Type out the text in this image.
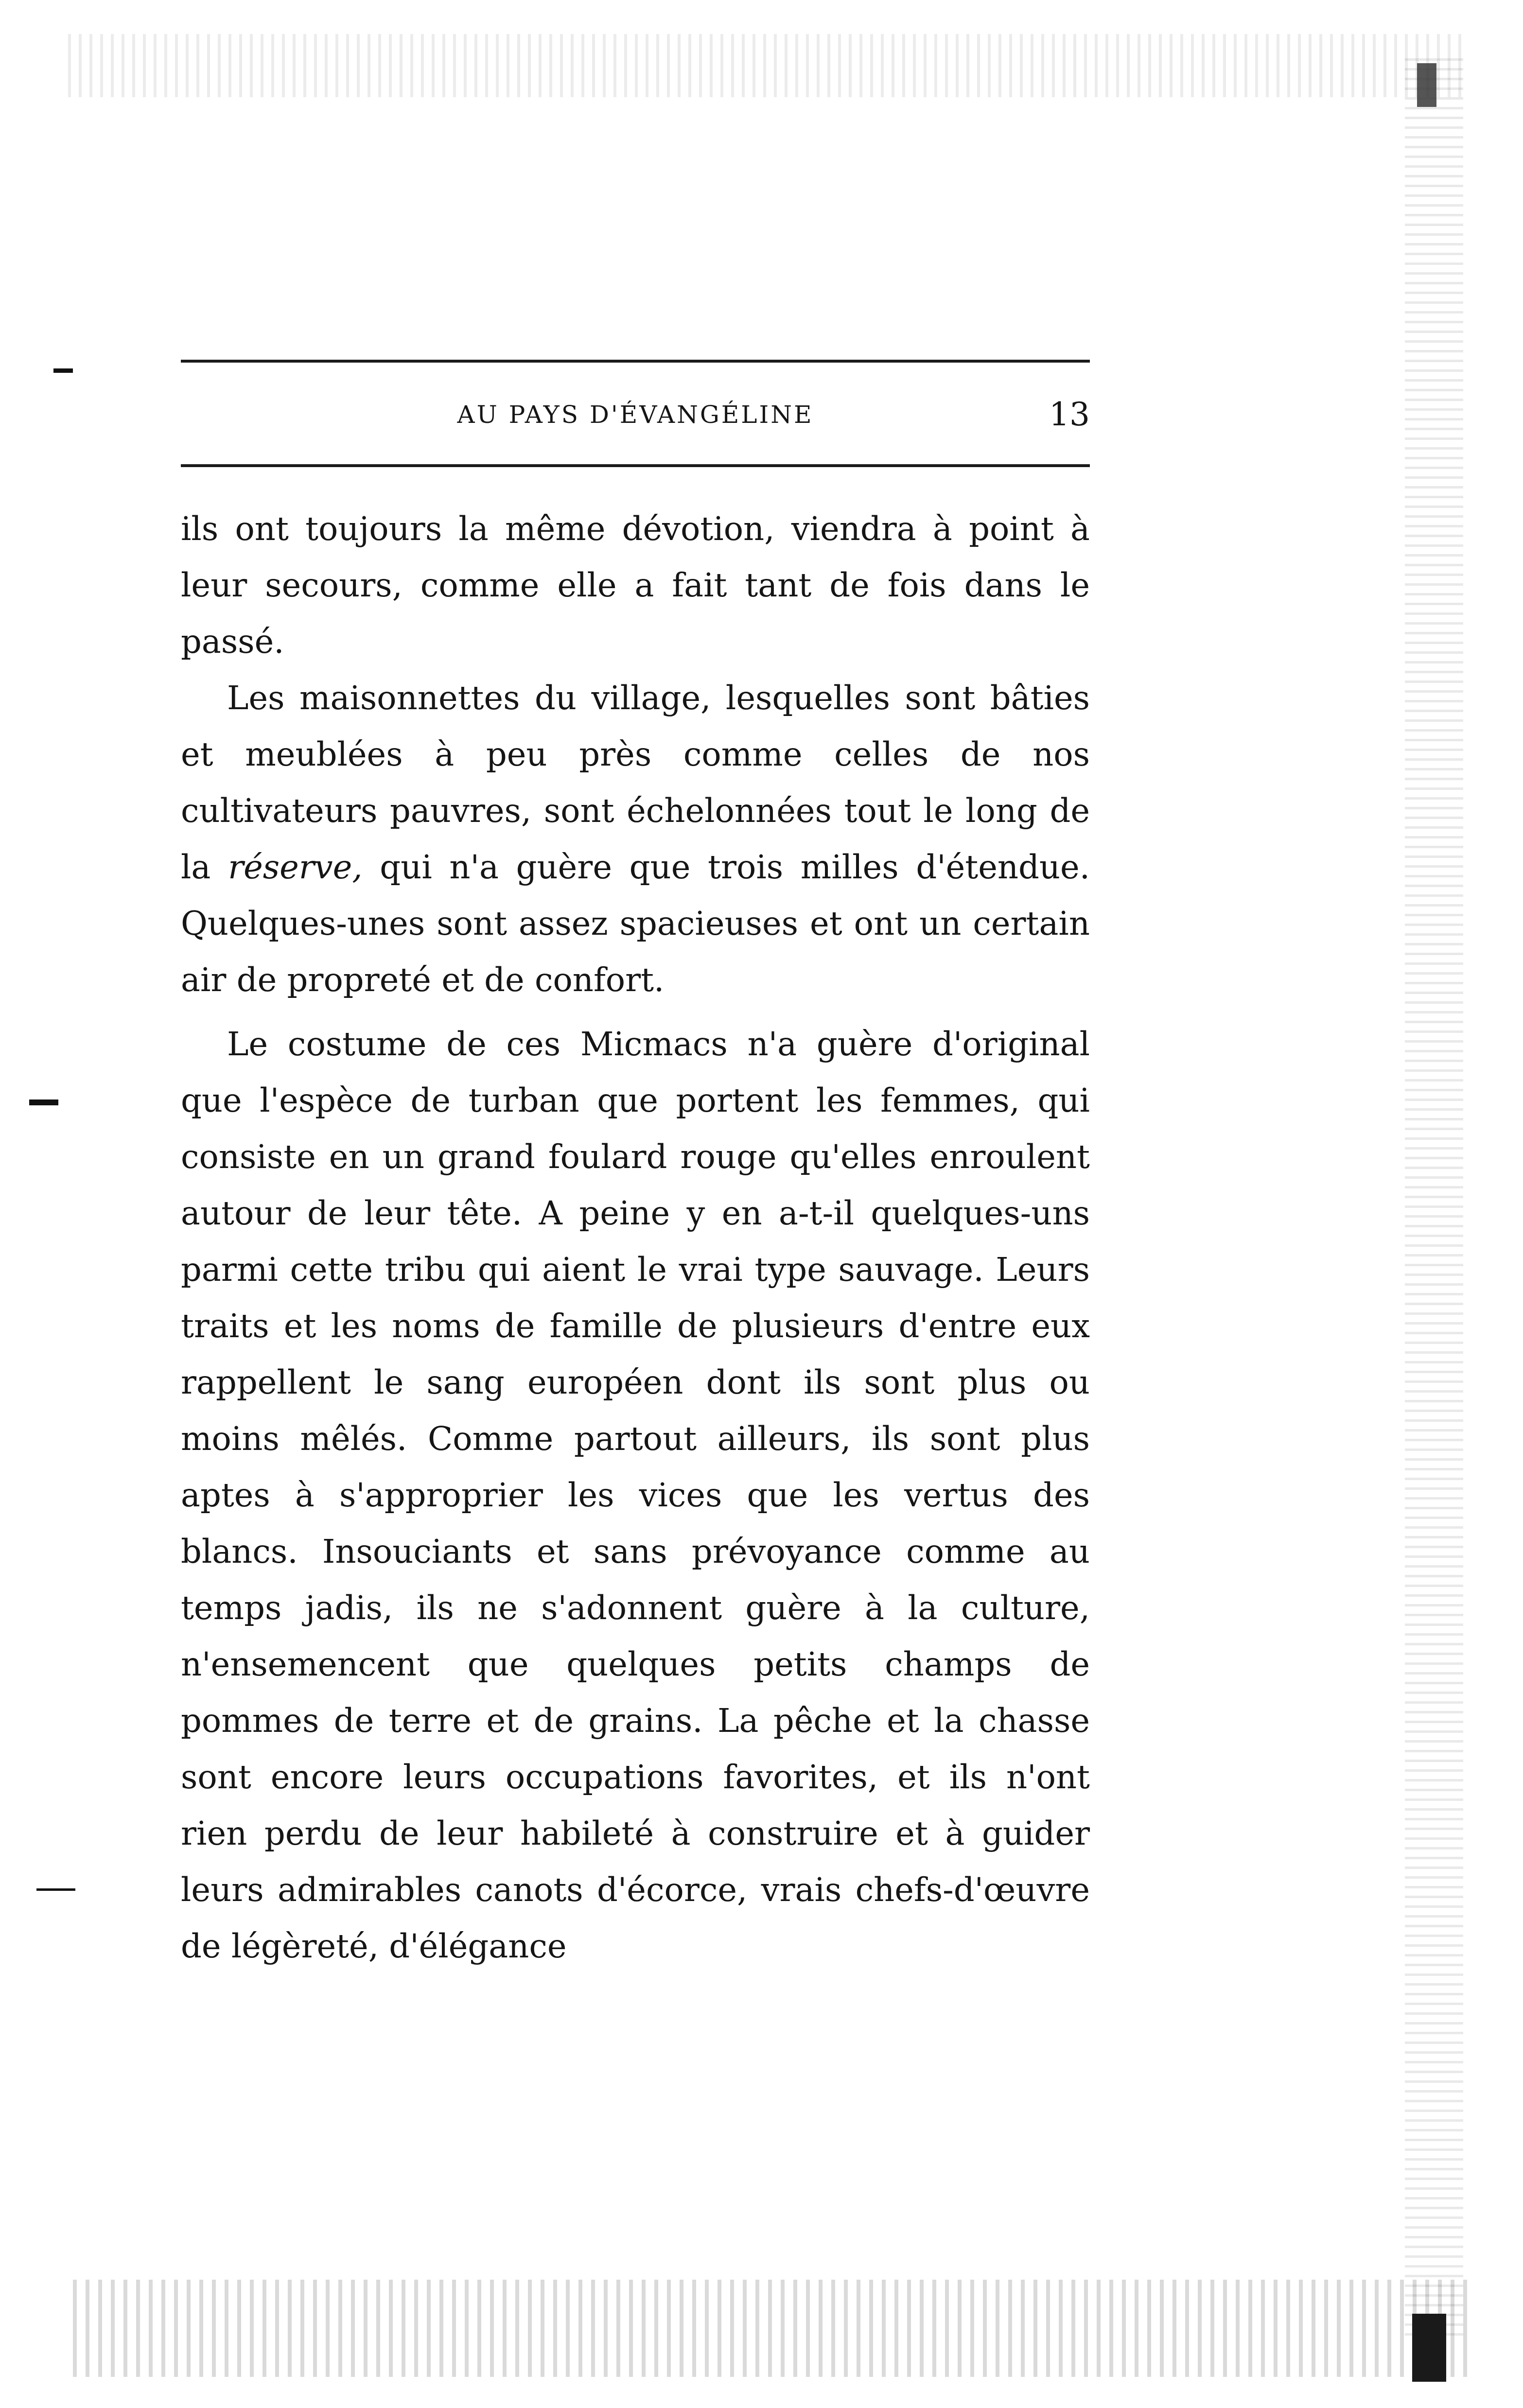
AU PAYS D'ÉVANGÉLINE	13

ils ont toujours la même dévotion, viendra à point à leur secours, comme elle a fait tant de fois dans le passé.

Les maisonnettes du village, lesquelles sont bâties et meublées à peu près comme celles de nos cultivateurs pauvres, sont échelonnées tout le long de la réserve, qui n'a guère que trois milles d'étendue. Quelques-unes sont assez spacieuses et ont un certain air de propreté et de confort.

Le costume de ces Micmacs n'a guère d'original que l'espèce de turban que portent les femmes, qui consiste en un grand foulard rouge qu'elles enroulent autour de leur tête. A peine y en a-t-il quelques-uns parmi cette tribu qui aient le vrai type sauvage. Leurs traits et les noms de famille de plusieurs d'entre eux rappellent le sang européen dont ils sont plus ou moins mêlés. Comme partout ailleurs, ils sont plus aptes à s'approprier les vices que les vertus des blancs. Insouciants et sans prévoyance comme au temps jadis, ils ne s'adonnent guère à la culture, n'ensemencent que quelques petits champs de pommes de terre et de grains. La pêche et la chasse sont encore leurs occupations favorites, et ils n'ont rien perdu de leur habileté à construire et à guider leurs admirables canots d'écorce, vrais chefs-d'œuvre de légèreté, d'élégance
